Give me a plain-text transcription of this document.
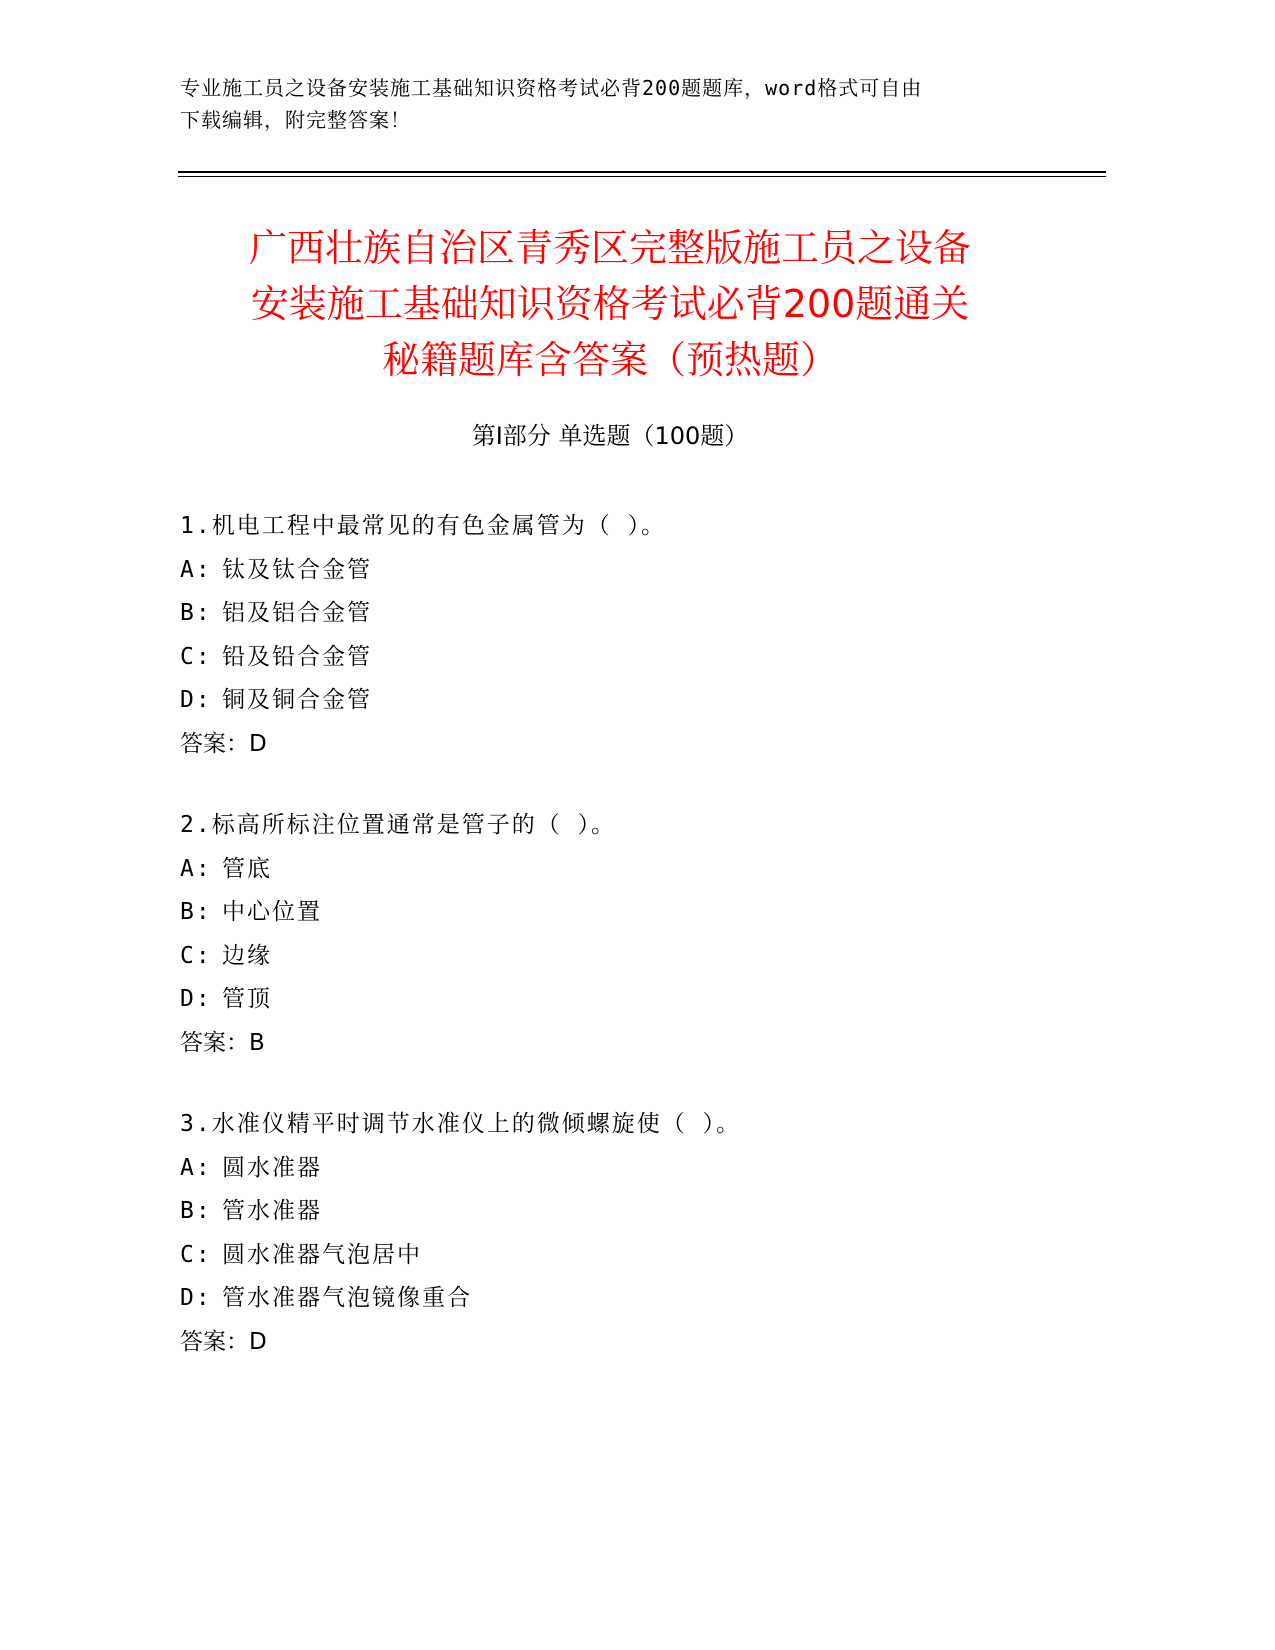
专业施工员之设备安装施工基础知识资格考试必背200题题库，word格式可自由
下载编辑，附完整答案！
广西壮族自治区青秀区完整版施工员之设备
安装施工基础知识资格考试必背200题通关
秘籍题库含答案（预热题）
第Ⅰ部分 单选题（100题）
1.机电工程中最常见的有色金属管为（ ）。
A: 钛及钛合金管
B: 铝及铝合金管
C: 铅及铅合金管
D: 铜及铜合金管
答案：D
2.标高所标注位置通常是管子的（ ）。
A: 管底
B: 中心位置
C: 边缘
D: 管顶
答案：B
3.水准仪精平时调节水准仪上的微倾螺旋使（ ）。
A: 圆水准器
B: 管水准器
C: 圆水准器气泡居中
D: 管水准器气泡镜像重合
答案：D
